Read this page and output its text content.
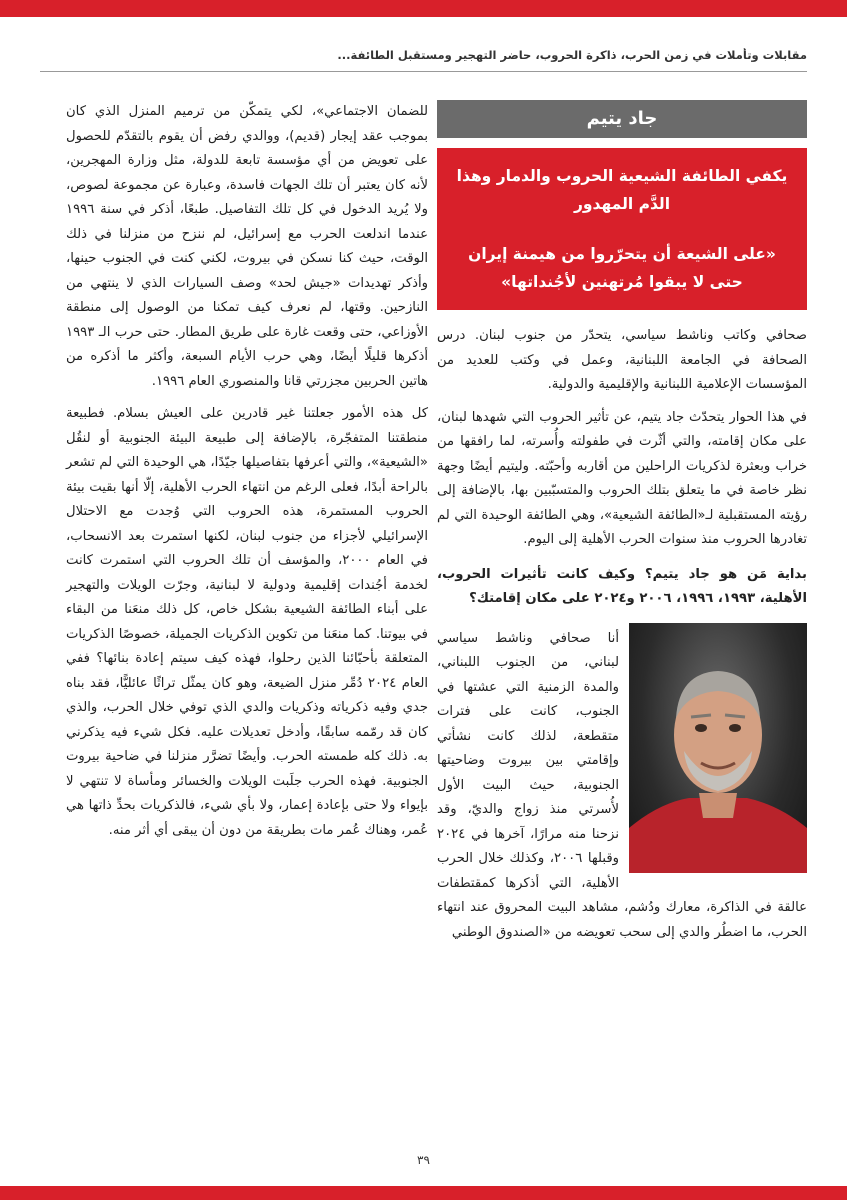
مقابلات وتأملات في زمن الحرب، ذاكرة الحروب، حاضر التهجير ومستقبل الطائفة...
جاد يتيم

يكفي الطائفة الشيعية الحروب والدمار وهذا الدَّم المهدور

«على الشيعة أن يتحرّروا من هيمنة إيران حتى لا يبقوا مُرتهنين لأجُنداتها»

صحافي وكاتب وناشط سياسي، يتحدّر من جنوب لبنان. درس الصحافة في الجامعة اللبنانية، وعمل في وكتب للعديد من المؤسسات الإعلامية اللبنانية والإقليمية والدولية.

في هذا الحوار يتحدّث جاد يتيم، عن تأثير الحروب التي شهدها لبنان، على مكان إقامته، والتي أثّرت في طفولته وأُسرته، لما رافقها من خراب وبعثرة لذكريات الراحلين من أقاربه وأحبّته. وليتيم أيضًا وجهة نظر خاصة في ما يتعلق بتلك الحروب والمتسبّبين بها، بالإضافة إلى رؤيته المستقبلية لـ«الطائفة الشيعية»، وهي الطائفة الوحيدة التي لم تغادرها الحروب منذ سنوات الحرب الأهلية إلى اليوم.

بداية مَن هو جاد يتيم؟ وكيف كانت تأثيرات الحروب، الأهلية، ١٩٩٣، ١٩٩٦، ٢٠٠٦ و٢٠٢٤ على مكان إقامتك؟

أنا صحافي وناشط سياسي لبناني، من الجنوب اللبناني، والمدة الزمنية التي عشتها في الجنوب، كانت على فترات متقطعة، لذلك كانت نشأتي وإقامتي بين بيروت وضاحيتها الجنوبية، حيث البيت الأول لأُسرتي منذ زواج والديّ، وقد نزحنا منه مرارًا، آخرها في ٢٠٢٤ وقبلها ٢٠٠٦، وكذلك خلال الحرب الأهلية، التي أذكرها كمقتطفات عالقة في الذاكرة، معارك ودُشم، مشاهد البيت المحروق عند انتهاء الحرب، ما اضطُر والدي إلى سحب تعويضه من «الصندوق الوطني

للضمان الاجتماعي»، لكي يتمكّن من ترميم المنزل الذي كان بموجب عقد إيجار (قديم)، ووالدي رفض أن يقوم بالتقدّم للحصول على تعويض من أي مؤسسة تابعة للدولة، مثل وزارة المهجرين، لأنه كان يعتبر أن تلك الجهات فاسدة، وعبارة عن مجموعة لصوص، ولا يُريد الدخول في كل تلك التفاصيل. طبعًا، أذكر في سنة ١٩٩٦ عندما اندلعت الحرب مع إسرائيل، لم ننزح من منزلنا في ذلك الوقت، حيث كنا نسكن في بيروت، لكني كنت في الجنوب حينها، وأذكر تهديدات «جيش لحد» وصف السيارات الذي لا ينتهي من النازحين. وقتها، لم نعرف كيف تمكنا من الوصول إلى منطقة الأوزاعي، حتى وقعت غارة على طريق المطار. حتى حرب الـ ١٩٩٣ أذكرها قليلًا أيضًا، وهي حرب الأيام السبعة، وأكثر ما أذكره من هاتين الحربين مجزرتي قانا والمنصوري العام ١٩٩٦.

كل هذه الأمور جعلتنا غير قادرين على العيش بسلام. فطبيعة منطقتنا المتفجّرة، بالإضافة إلى طبيعة البيئة الجنوبية أو لنقُل «الشيعية»، والتي أعرفها بتفاصيلها جيّدًا، هي الوحيدة التي لم تشعر بالراحة أبدًا، فعلى الرغم من انتهاء الحرب الأهلية، إلّا أنها بقيت بيئة الحروب المستمرة، هذه الحروب التي وُجدت مع الاحتلال الإسرائيلي لأجزاء من جنوب لبنان، لكنها استمرت بعد الانسحاب، في العام ٢٠٠٠، والمؤسف أن تلك الحروب التي استمرت كانت لخدمة أجُندات إقليمية ودولية لا لبنانية، وجرّت الويلات والتهجير على أبناء الطائفة الشيعية بشكل خاص، كل ذلك منعَنا من البقاء في بيوتنا. كما منعَنا من تكوين الذكريات الجميلة، خصوصًا الذكريات المتعلقة بأحبّائنا الذين رحلوا، فهذه كيف سيتم إعادة بنائها؟ ففي العام ٢٠٢٤ دُمِّر منزل الضيعة، وهو كان يمثّل تراثًا عائليًّا، فقد بناه جدي وفيه ذكرياته وذكريات والدي الذي توفي خلال الحرب، والذي كان قد رمّمه سابقًا، وأدخل تعديلات عليه. فكل شيء فيه يذكرني به. ذلك كله طمسته الحرب. وأيضًا تضرَّر منزلنا في ضاحية بيروت الجنوبية. فهذه الحرب جلَبت الويلات والخسائر ومأساة لا تنتهي لا بإيواء ولا حتى بإعادة إعمار، ولا بأي شيء، فالذكريات بحدِّ ذاتها هي عُمر، وهناك عُمر مات بطريقة من دون أن يبقى أي أثر منه.

٣٩
